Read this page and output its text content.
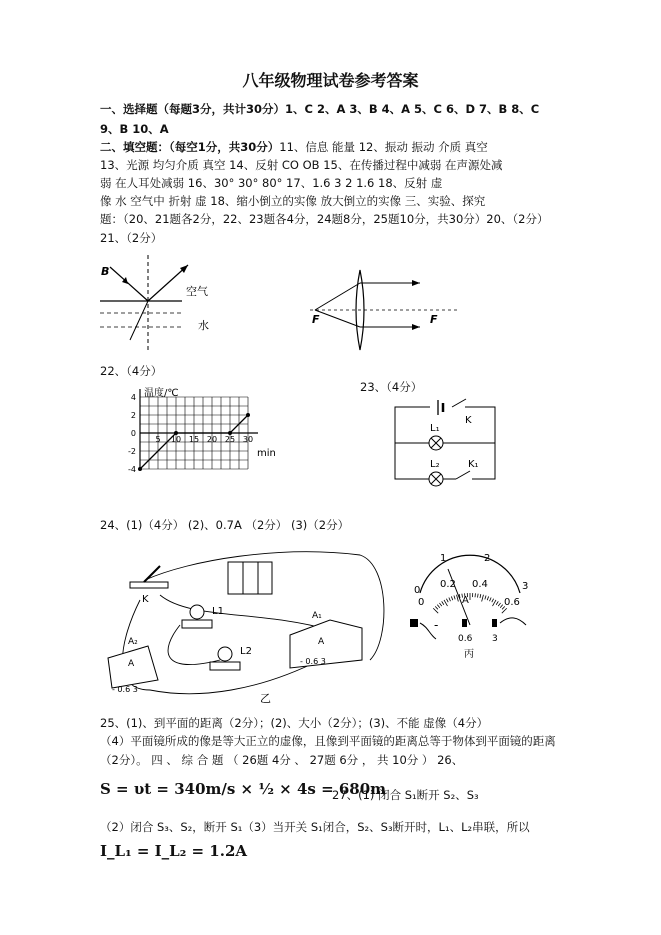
八年级物理试卷参考答案
一、选择题（每题3分，共计30分）1、C 2、A 3、B 4、A 5、C 6、D 7、B 8、C
9、B 10、A
二、填空题：（每空1分，共30分）11、信息 能量 12、振动 振动 介质 真空
13、光源 均匀介质 真空 14、反射 CO OB 15、在传播过程中减弱 在声源处减
弱 在人耳处减弱 16、30° 30° 80° 17、1.6 3 2 1.6 18、反射 虚
像 水 空气中 折射 虚 18、缩小倒立的实像 放大倒立的实像 三、实验、探究
题：（20、21题各2分，22、23题各4分，24题8分，25题10分，共30分）20、（2分）
21、（2分）
B
空气
水	F	F
22、（4分）
23、（4分）
4
2
0
-2
-4
5 10 15 20 25 30
温度/℃
min
K
L₁
L₂	K₁
24、(1)（4分） (2)、0.7A （2分） (3)（2分）
K
L1
L2
A₁
A
- 0.6 3
A₂
A
- 0.6 3
乙
0
1	2
3
0
0.2 0.4
0.6
A
-
0.6 3
丙
25、(1)、到平面的距离（2分）；(2)、大小（2分）；(3)、不能 虚像（4分）
（4）平面镜所成的像是等大正立的虚像，且像到平面镜的距离总等于物体到平面镜的距离
（2分）。 四 、 综 合 题 （ 26题 4分 、 27题 6分 ， 共 10分 ） 26、
S = υt = 340m/s × ½ × 4s = 680m
27、(1) 闭合 S₁断开 S₂、S₃
（2）闭合 S₃、S₂，断开 S₁（3）当开关 S₁闭合，S₂、S₃断开时，L₁、L₂串联，所以
I_L₁ = I_L₂ = 1.2A
